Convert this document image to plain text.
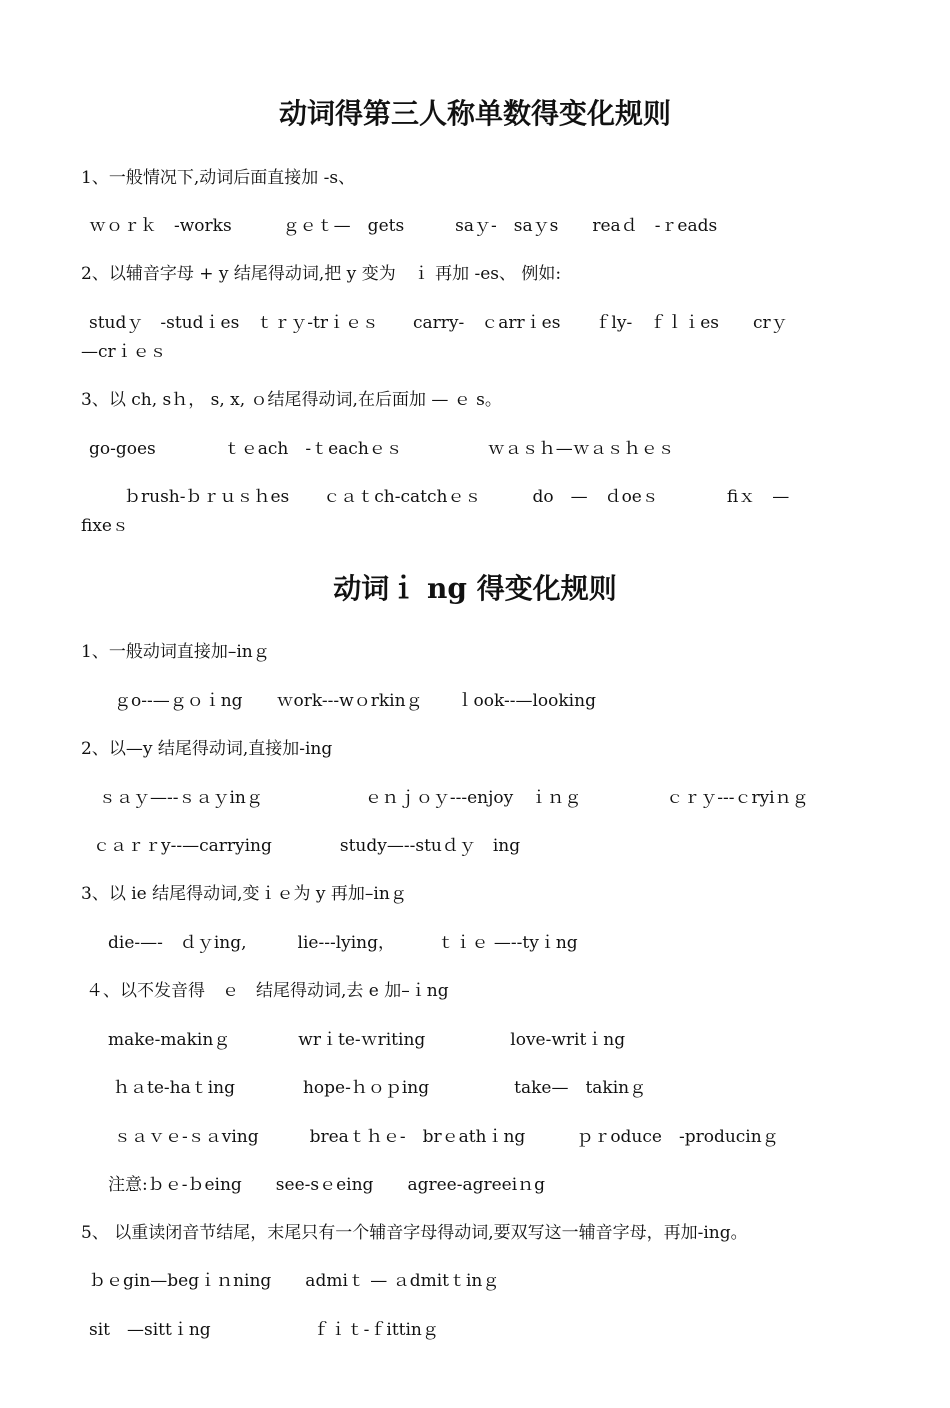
动词得第三人称单数得变化规则
1、一般情况下,动词后面直接加 -s、
ｗｏｒｋ　-works　　　ｇｅｔ—　gets　　　saｙ-　saｙs　　reaｄ　-ｒeads
2、以辅音字母 + y 结尾得动词,把 y 变为　ｉ 再加 -es、 例如:
studｙ　-studｉes　ｔｒｙ-trｉｅｓ　　carry-　ｃarrｉes　　ｆly-　ｆｌｉes　　crｙ
—crｉｅｓ
3、以 ch, sｈ， s, x, ｏ结尾得动词,在后面加 — ｅ s。
go-goes　　　　ｔｅach　-ｔeachｅｓ　　　　　ｗａｓｈ—ｗａｓｈｅｓ
ｂrush-ｂｒｕｓｈes　　ｃａｔch-catchｅｓ　　　do　—　ｄoeｓ　　　　fiｘ　—
fixeｓ
动词ｉ ng 得变化规则
1、一般动词直接加–inｇ
ｇo--—ｇｏｉng　　ｗork---wｏrkinｇ　　ｌook--—looking
2、以—y 结尾得动词,直接加-ing
ｓａｙ—--ｓａｙinｇ　　　　　　ｅｎｊｏｙ---enjoy　ｉｎｇ　　　　　ｃｒｙ---ｃryiｎｇ
ｃａｒｒy--—carrying　　　　study—--stuｄｙ　ing
3、以 ie 结尾得动词,变ｉｅ为 y 再加–inｇ
die-—-　ｄｙing,　　　lie---lying，　　　ｔｉｅ —--tyｉng
４、以不发音得　ｅ　结尾得动词,去 e 加–ｉng
make-makinｇ　　　　wrｉte-ｗriting　　　　　love-writｉng
ｈａte-haｔing　　　　hope-ｈｏｐing　　　　　take—　takinｇ
ｓａｖｅ-ｓａving　　　breaｔｈｅ-　brｅathｉng　　　ｐｒoduce　-producinｇ
注意:ｂｅ-ｂeing　　see-sｅeing　　agree-agreeiｎg
5、 以重读闭音节结尾，末尾只有一个辅音字母得动词,要双写这一辅音字母，再加-ing。
ｂｅgin—begｉｎning　　admiｔ — ａdmitｔinｇ
sit　—sittｉng　　　　　　ｆｉｔ-ｆittinｇ
